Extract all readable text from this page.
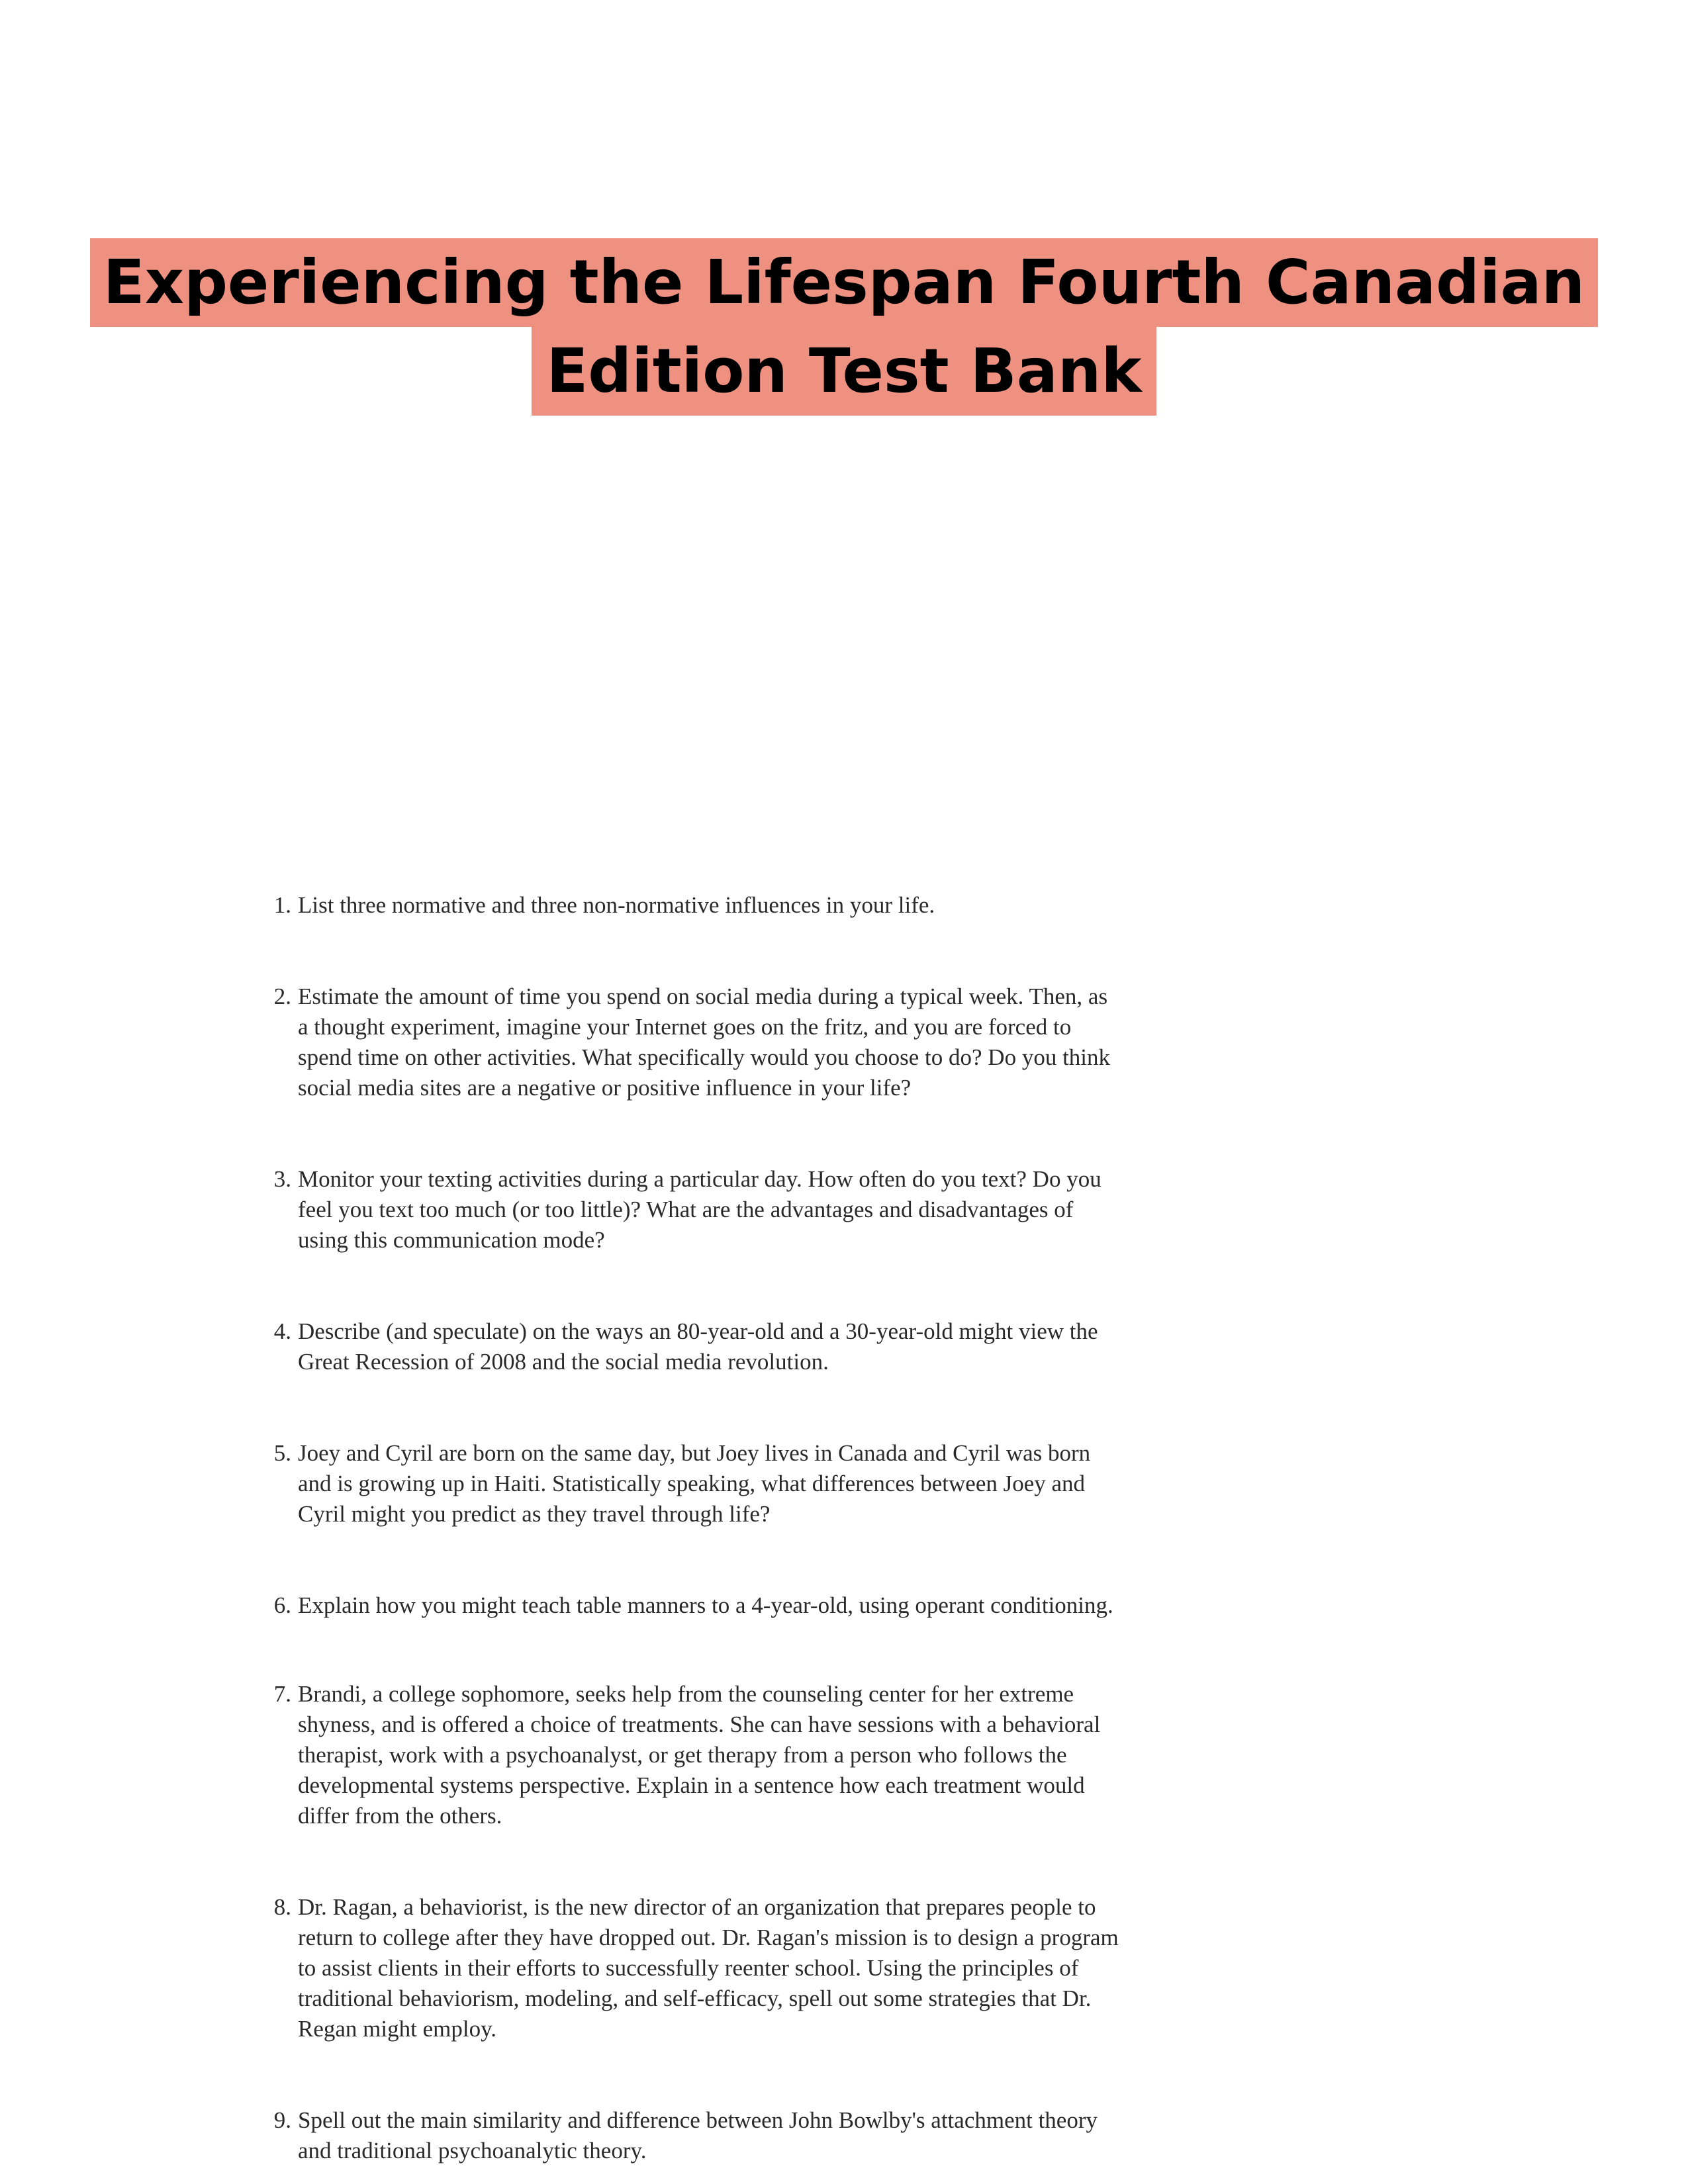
Experiencing the Lifespan Fourth Canadian
Edition Test Bank
1. List three normative and three non-normative influences in your life.
2. Estimate the amount of time you spend on social media during a typical week. Then, as
a thought experiment, imagine your Internet goes on the fritz, and you are forced to
spend time on other activities. What specifically would you choose to do? Do you think
social media sites are a negative or positive influence in your life?
3. Monitor your texting activities during a particular day. How often do you text? Do you
feel you text too much (or too little)? What are the advantages and disadvantages of
using this communication mode?
4. Describe (and speculate) on the ways an 80-year-old and a 30-year-old might view the
Great Recession of 2008 and the social media revolution.
5. Joey and Cyril are born on the same day, but Joey lives in Canada and Cyril was born
and is growing up in Haiti. Statistically speaking, what differences between Joey and
Cyril might you predict as they travel through life?
6. Explain how you might teach table manners to a 4-year-old, using operant conditioning.
7. Brandi, a college sophomore, seeks help from the counseling center for her extreme
shyness, and is offered a choice of treatments. She can have sessions with a behavioral
therapist, work with a psychoanalyst, or get therapy from a person who follows the
developmental systems perspective. Explain in a sentence how each treatment would
differ from the others.
8. Dr. Ragan, a behaviorist, is the new director of an organization that prepares people to
return to college after they have dropped out. Dr. Ragan's mission is to design a program
to assist clients in their efforts to successfully reenter school. Using the principles of
traditional behaviorism, modeling, and self-efficacy, spell out some strategies that Dr.
Regan might employ.
9. Spell out the main similarity and difference between John Bowlby's attachment theory
and traditional psychoanalytic theory.
